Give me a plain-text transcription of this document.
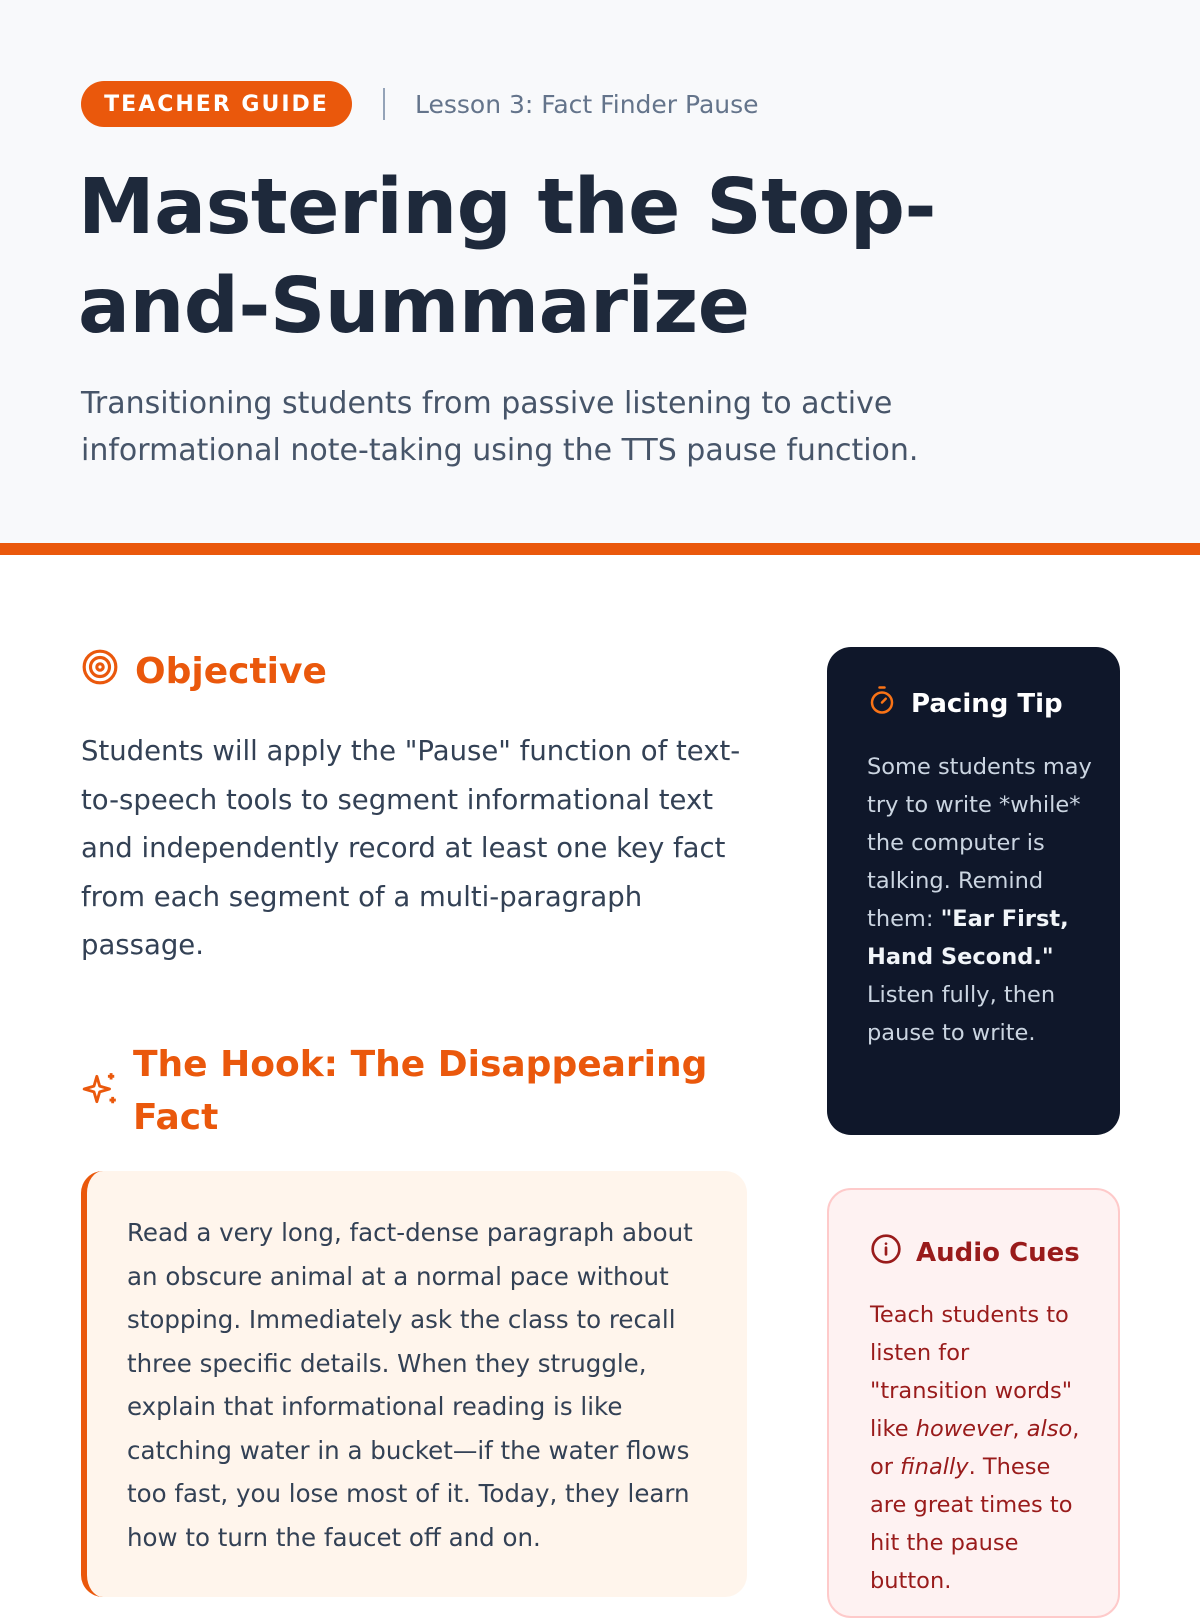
TEACHER GUIDE	Lesson 3: Fact Finder Pause
Mastering the Stop-
and-Summarize

Transitioning students from passive listening to active
informational note-taking using the TTS pause function.

Objective

Students will apply the "Pause" function of text-to-speech tools to segment informational text and independently record at least one key fact from each segment of a multi-paragraph passage.

The Hook: The Disappearing Fact

Read a very long, fact-dense paragraph about an obscure animal at a normal pace without stopping. Immediately ask the class to recall three specific details. When they struggle, explain that informational reading is like catching water in a bucket—if the water flows too fast, you lose most of it. Today, they learn how to turn the faucet off and on.

Pacing Tip

Some students may try to write *while* the computer is talking. Remind them: "Ear First, Hand Second." Listen fully, then pause to write.

Audio Cues

Teach students to listen for "transition words" like however, also, or finally. These are great times to hit the pause button.
